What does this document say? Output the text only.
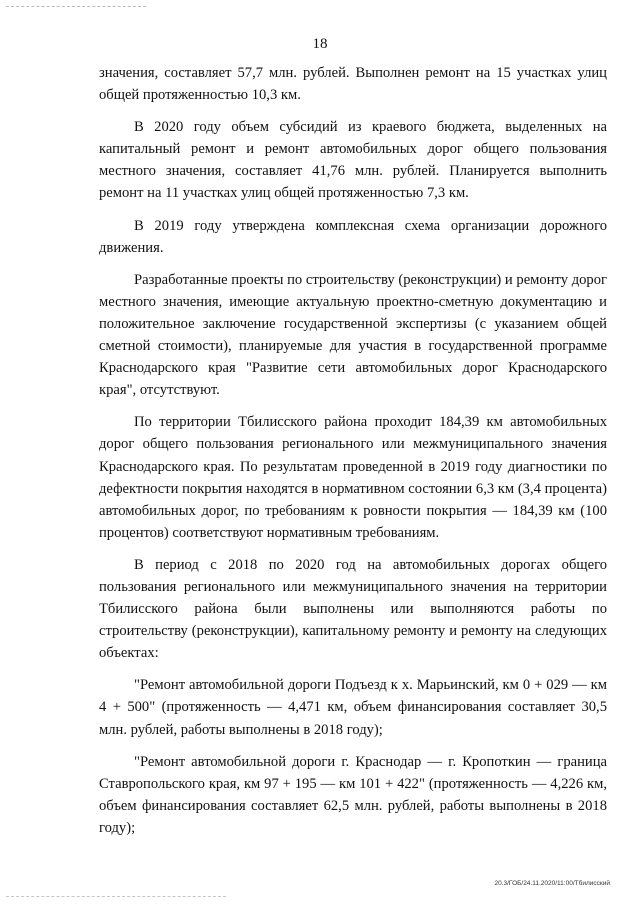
18

значения, составляет 57,7 млн. рублей. Выполнен ремонт на 15 участках улиц общей протяженностью 10,3 км.

В 2020 году объем субсидий из краевого бюджета, выделенных на капитальный ремонт и ремонт автомобильных дорог общего пользования местного значения, составляет 41,76 млн. рублей. Планируется выполнить ремонт на 11 участках улиц общей протяженностью 7,3 км.

В 2019 году утверждена комплексная схема организации дорожного движения.

Разработанные проекты по строительству (реконструкции) и ремонту дорог местного значения, имеющие актуальную проектно-сметную документацию и положительное заключение государственной экспертизы (с указанием общей сметной стоимости), планируемые для участия в государственной программе Краснодарского края "Развитие сети автомобильных дорог Краснодарского края", отсутствуют.

По территории Тбилисского района проходит 184,39 км автомобильных дорог общего пользования регионального или межмуниципального значения Краснодарского края. По результатам проведенной в 2019 году диагностики по дефектности покрытия находятся в нормативном состоянии 6,3 км (3,4 процента) автомобильных дорог, по требованиям к ровности покрытия — 184,39 км (100 процентов) соответствуют нормативным требованиям.

В период с 2018 по 2020 год на автомобильных дорогах общего пользования регионального или межмуниципального значения на территории Тбилисского района были выполнены или выполняются работы по строительству (реконструкции), капитальному ремонту и ремонту на следующих объектах:

"Ремонт автомобильной дороги Подъезд к х. Марьинский, км 0 + 029 — км 4 + 500" (протяженность — 4,471 км, объем финансирования составляет 30,5 млн. рублей, работы выполнены в 2018 году);

"Ремонт автомобильной дороги г. Краснодар — г. Кропоткин — граница Ставропольского края, км 97 + 195 — км 101 + 422" (протяженность — 4,226 км, объем финансирования составляет 62,5 млн. рублей, работы выполнены в 2018 году);

20.3/ГОБ/24.11.2020/11:00/Тбилисский
